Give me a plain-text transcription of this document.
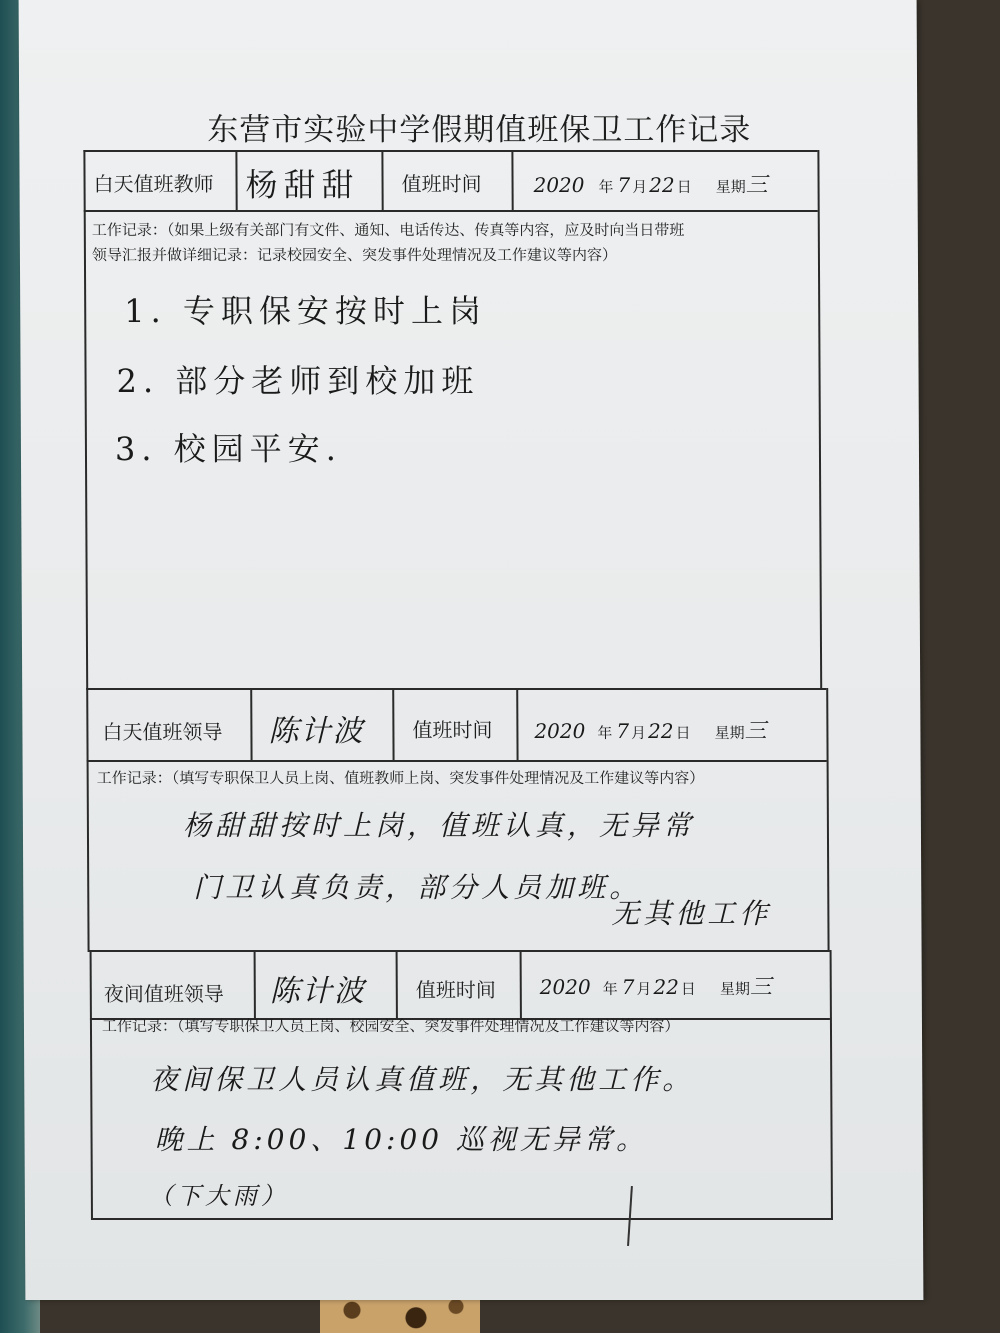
东营市实验中学假期值班保卫工作记录
白天值班教师 杨甜甜 值班时间	2020 年 7 月22 日 星期三
工作记录：（如果上级有关部门有文件、通知、电话传达、传真等内容，应及时向当日带班
领导汇报并做详细记录：记录校园安全、突发事件处理情况及工作建议等内容）
1. 专职保安按时上岗
2. 部分老师到校加班
3. 校园平安.
白天值班领导 陈计波 值班时间 2020 年 7 月22 日 星期三
工作记录：（填写专职保卫人员上岗、值班教师上岗、突发事件处理情况及工作建议等内容）
杨甜甜按时上岗，值班认真，无异常
门卫认真负责，部分人员加班。
无其他工作
夜间值班领导 陈计波 值班时间 2020 年 7 月22 日 星期三
工作记录：（填写专职保卫人员上岗、校园安全、突发事件处理情况及工作建议等内容）
夜间保卫人员认真值班，无其他工作。
晚上 8:00、10:00 巡视无异常。
（下大雨）
